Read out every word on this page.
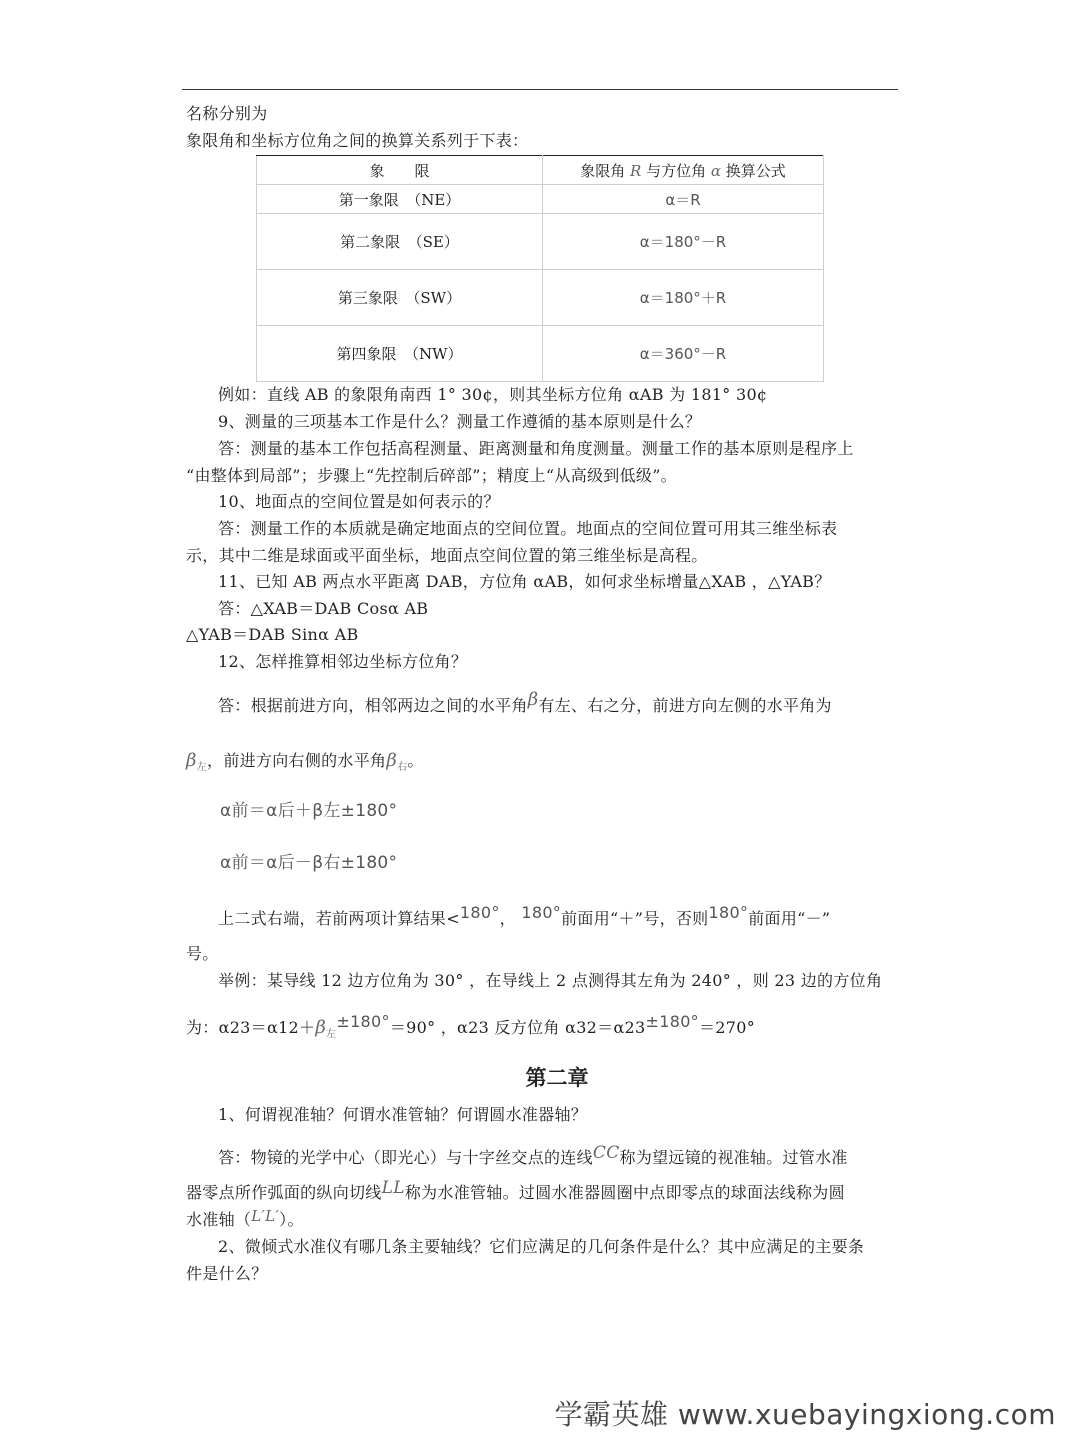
名称分别为
象限角和坐标方位角之间的换算关系列于下表：
象　　限	象限角 R 与方位角 α 换算公式
第一象限　（NE）	α＝R
第二象限　（SE）	α＝180°－R
第三象限　（SW）	α＝180°＋R
第四象限　（NW）	α＝360°－R
例如：直线 AB 的象限角南西 1° 30¢，则其坐标方位角 αAB 为 181° 30¢
9、测量的三项基本工作是什么？测量工作遵循的基本原则是什么？
答：测量的基本工作包括高程测量、距离测量和角度测量。测量工作的基本原则是程序上
“由整体到局部”；步骤上“先控制后碎部”；精度上“从高级到低级”。
10、地面点的空间位置是如何表示的？
答：测量工作的本质就是确定地面点的空间位置。地面点的空间位置可用其三维坐标表
示，其中二维是球面或平面坐标，地面点空间位置的第三维坐标是高程。
11、已知 AB 两点水平距离 DAB，方位角 αAB，如何求坐标增量△XAB ，△YAB？
答：△XAB＝DAB Cosα AB
△YAB＝DAB Sinα AB
12、怎样推算相邻边坐标方位角？
答：根据前进方向，相邻两边之间的水平角β有左、右之分，前进方向左侧的水平角为
$\beta_左$，前进方向右侧的水平角$\beta_右$。
α前＝α后＋β左±180°
α前＝α后－β右±180°
上二式右端，若前两项计算结果<180°， 180°前面用“＋”号，否则180°前面用“－”
号。
举例：某导线 12 边方位角为 30° ，在导线上 2 点测得其左角为 240° ，则 23 边的方位角
为：$\alpha 23=\alpha 12+\beta_左\pm 180^\circ=90^\circ$ ，α23 反方位角 α32＝α23±180°＝270°
第二章
1、何谓视准轴？何谓水准管轴？何谓圆水准器轴？
答：物镜的光学中心（即光心）与十字丝交点的连线CC称为望远镜的视准轴。过管水准
器零点所作弧面的纵向切线LL称为水准管轴。过圆水准器圆圈中点即零点的球面法线称为圆
水准轴（L′L′）。
2、微倾式水准仪有哪几条主要轴线？它们应满足的几何条件是什么？其中应满足的主要条
件是什么？
学霸英雄 www.xuebayingxiong.com
